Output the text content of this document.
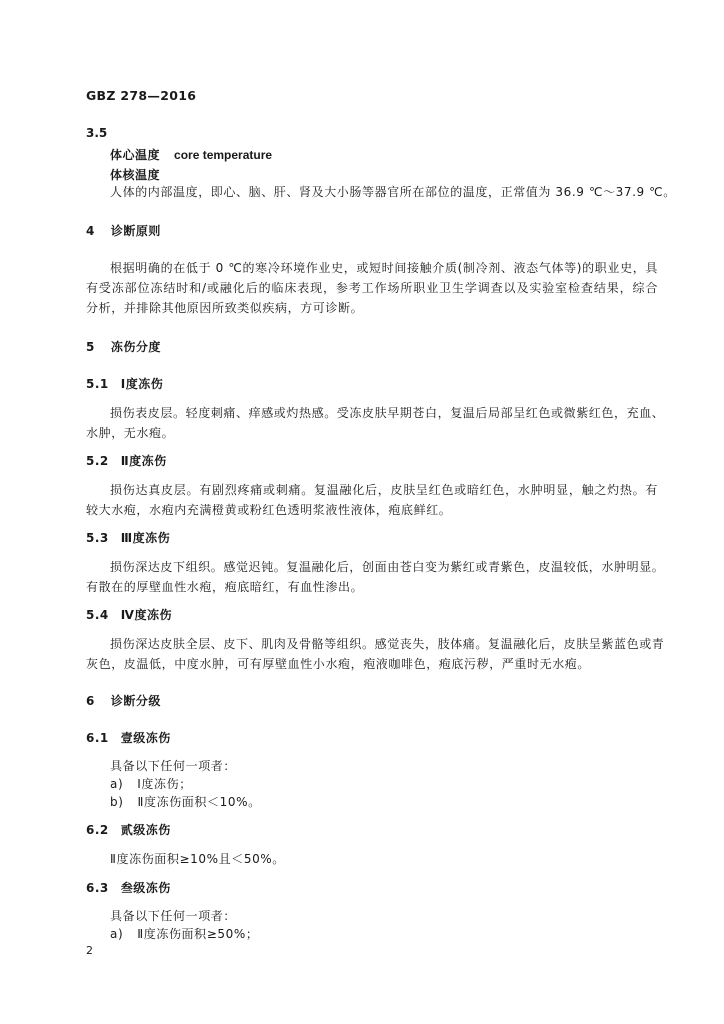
GBZ 278—2016
3.5
体心温度 core temperature
体核温度
人体的内部温度，即心、脑、肝、肾及大小肠等器官所在部位的温度，正常值为 36.9 ℃～37.9 ℃。
4 诊断原则
根据明确的在低于 0 ℃的寒冷环境作业史，或短时间接触介质(制冷剂、液态气体等)的职业史，具
有受冻部位冻结时和/或融化后的临床表现，参考工作场所职业卫生学调查以及实验室检查结果，综合
分析，并排除其他原因所致类似疾病，方可诊断。
5 冻伤分度
5.1 Ⅰ度冻伤
损伤表皮层。轻度刺痛、痒感或灼热感。受冻皮肤早期苍白，复温后局部呈红色或微紫红色，充血、
水肿，无水疱。
5.2 Ⅱ度冻伤
损伤达真皮层。有剧烈疼痛或刺痛。复温融化后，皮肤呈红色或暗红色，水肿明显，触之灼热。有
较大水疱，水疱内充满橙黄或粉红色透明浆液性液体，疱底鲜红。
5.3 Ⅲ度冻伤
损伤深达皮下组织。感觉迟钝。复温融化后，创面由苍白变为紫红或青紫色，皮温较低，水肿明显。
有散在的厚壁血性水疱，疱底暗红，有血性渗出。
5.4 Ⅳ度冻伤
损伤深达皮肤全层、皮下、肌肉及骨骼等组织。感觉丧失，肢体痛。复温融化后，皮肤呈紫蓝色或青
灰色，皮温低，中度水肿，可有厚壁血性小水疱，疱液咖啡色，疱底污秽，严重时无水疱。
6 诊断分级
6.1 壹级冻伤
具备以下任何一项者：
a) Ⅰ度冻伤；
b) Ⅱ度冻伤面积＜10%。
6.2 贰级冻伤
Ⅱ度冻伤面积≥10%且＜50%。
6.3 叁级冻伤
具备以下任何一项者：
a) Ⅱ度冻伤面积≥50%；
2
